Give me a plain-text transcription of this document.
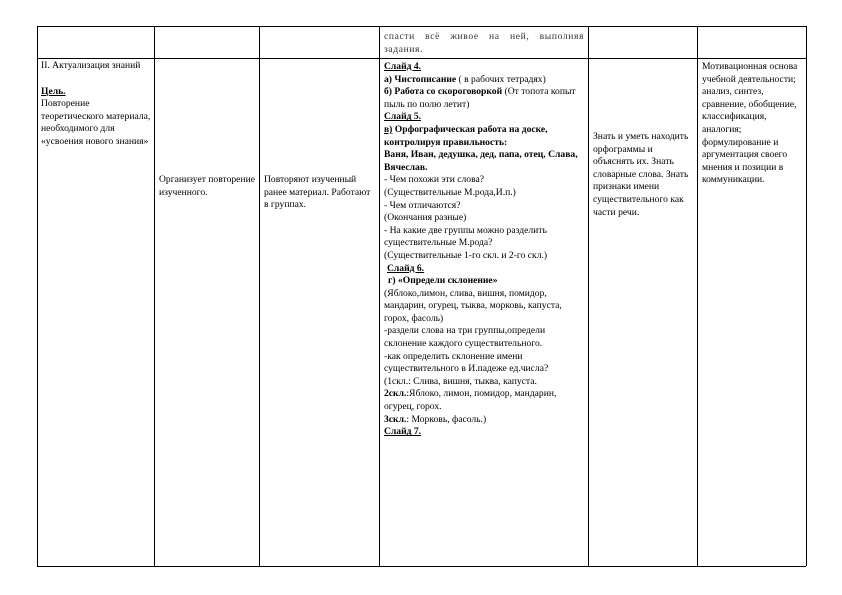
спасти всё живое на ней, выполняя
задания.
II. Актуализация знаний
Цель.
Повторение теоретического материала, необходимого для «усвоения нового знания»
Организует повторение изученного.
Повторяют изученный ранее материал. Работают в группах.
Слайд 4.
а) Чистописание ( в рабочих тетрадях)
б) Работа со скороговоркой (От топота копыт пыль по полю летит)
Слайд 5.
в) Орфографическая работа на доске, контролируя правильность:
Ваня, Иван, дедушка, дед, папа, отец, Слава, Вячеслав.
- Чем похожи эти слова?
(Существительные М.рода,И.п.)
- Чем отличаются?
(Окончания разные)
- На какие две группы можно разделить существительные М.рода?
(Существительные 1-го скл. и 2-го скл.)
Слайд 6.
г) «Определи склонение»
(Яблоко,лимон, слива, вишня, помидор, мандарин, огурец, тыква, морковь, капуста, горох, фасоль)
-раздели слова на три группы,определи склонение каждого существительного.
-как определить склонение имени существительного в И.падеже ед.числа?
(1скл.: Слива, вишня, тыква, капуста.
2скл.:Яблоко, лимон, помидор, мандарин, огурец, горох.
3скл.: Морковь, фасоль.)
Слайд 7.
Знать и уметь находить орфограммы и объяснять их. Знать словарные слова. Знать признаки имени существительного как части речи.
Мотивационная основа учебной деятельности; анализ, синтез, сравнение, обобщение, классификация, аналогия; формулирование и аргументация своего мнения и позиции в коммуникации.
